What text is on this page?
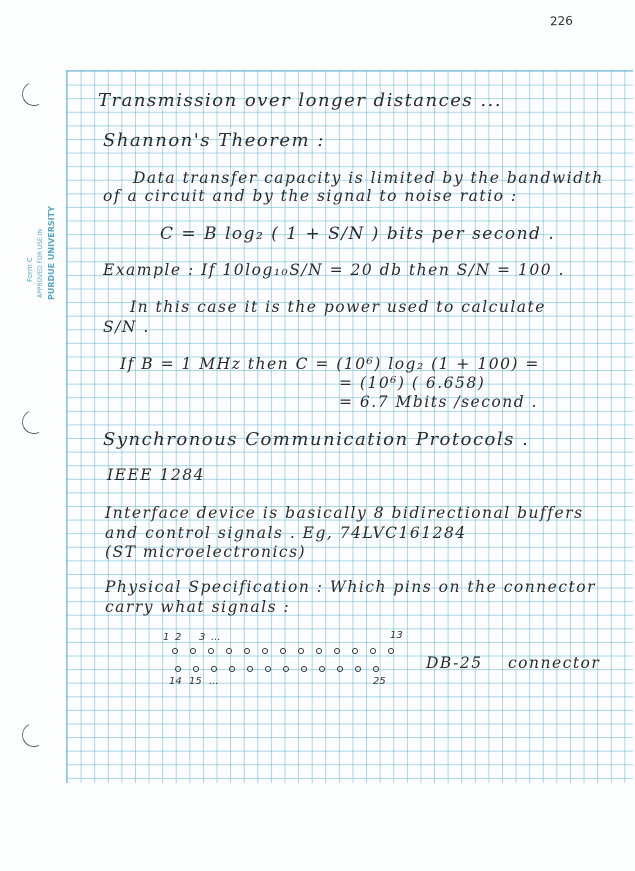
226
Form C APPROVED FOR USE IN PURDUE UNIVERSITY
Transmission over longer distances ...
Shannon's Theorem :
Data transfer capacity is limited by the bandwidth
of a circuit and by the signal to noise ratio :
C = B log₂ ( 1 + S/N ) bits per second .
Example : If 10log₁₀S/N = 20 db then S/N = 100 .
In this case it is the power used to calculate
S/N .
If B = 1 MHz then C = (10⁶) log₂ (1 + 100) =
= (10⁶) ( 6.658)
= 6.7 Mbits /second .
Synchronous Communication Protocols .
IEEE 1284
Interface device is basically 8 bidirectional buffers
and control signals . Eg, 74LVC161284
(ST microelectronics)
Physical Specification : Which pins on the connector
carry what signals :
1 2 3 ...	13
14 15 ...	25
DB-25 connector
